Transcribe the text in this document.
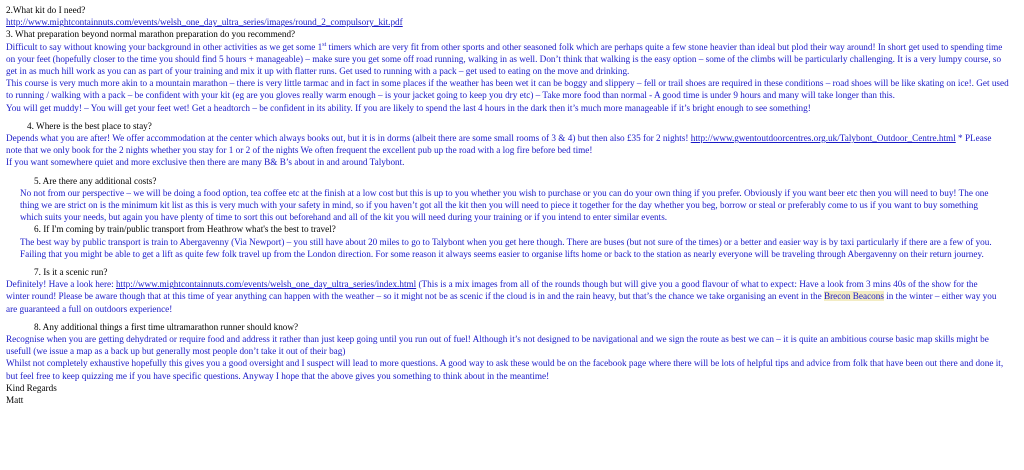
2.What kit do I need?

http://www.mightcontainnuts.com/events/welsh_one_day_ultra_series/images/round_2_compulsory_kit.pdf

3. What preparation beyond normal marathon preparation do you recommend?

Difficult to say without knowing your background in other activities as we get some 1st timers which are very fit from other sports and other seasoned folk which are perhaps quite a few stone heavier than ideal but plod their way around! In short get used to spending time

on your feet (hopefully closer to the time you should find 5 hours + manageable) – make sure you get some off road running, walking in as well. Don’t think that walking is the easy option – some of the climbs will be particularly challenging. It is a very lumpy course, so

get in as much hill work as you can as part of your training and mix it up with flatter runs. Get used to running with a pack – get used to eating on the move and drinking.

This course is very much more akin to a mountain marathon – there is very little tarmac and in fact in some places if the weather has been wet it can be boggy and slippery – fell or trail shoes are required in these conditions – road shoes will be like skating on ice!. Get used

to running / walking with a pack – be confident with your kit (eg are you gloves really warm enough – is your jacket going to keep you dry etc) – Take more food than normal - A good time is under 9 hours and many will take longer than this.

You will get muddy! – You will get your feet wet! Get a headtorch – be confident in its ability. If you are likely to spend the last 4 hours in the dark then it’s much more manageable if it’s bright enough to see something!

4. Where is the best place to stay?

Depends what you are after! We offer accommodation at the center which always books out, but it is in dorms (albeit there are some small rooms of 3 & 4) but then also £35 for 2 nights! http://www.gwentoutdoorcentres.org.uk/Talybont_Outdoor_Centre.html * PLease

note that we only book for the 2 nights whether you stay for 1 or 2 of the nights We often frequent the excellent pub up the road with a log fire before bed time!

If you want somewhere quiet and more exclusive then there are many B& B’s about in and around Talybont.

5. Are there any additional costs?

No not from our perspective – we will be doing a food option, tea coffee etc at the finish at a low cost but this is up to you whether you wish to purchase or you can do your own thing if you prefer. Obviously if you want beer etc then you will need to buy! The one

thing we are strict on is the minimum kit list as this is very much with your safety in mind, so if you haven’t got all the kit then you will need to piece it together for the day whether you beg, borrow or steal or preferably come to us if you want to buy something

which suits your needs, but again you have plenty of time to sort this out beforehand and all of the kit you will need during your training or if you intend to enter similar events.

6. If I'm coming by train/public transport from Heathrow what's the best to travel?

The best way by public transport is train to Abergavenny (Via Newport) – you still have about 20 miles to go to Talybont when you get here though. There are buses (but not sure of the times) or a better and easier way is by taxi particularly if there are a few of you.

Failing that you might be able to get a lift as quite few folk travel up from the London direction. For some reason it always seems easier to organise lifts home or back to the station as nearly everyone will be traveling through Abergavenny on their return journey.

7. Is it a scenic run?

Definitely! Have a look here: http://www.mightcontainnuts.com/events/welsh_one_day_ultra_series/index.html (This is a mix images from all of the rounds though but will give you a good flavour of what to expect: Have a look from 3 mins 40s of the show for the

winter round! Please be aware though that at this time of year anything can happen with the weather – so it might not be as scenic if the cloud is in and the rain heavy, but that’s the chance we take organising an event in the Brecon Beacons in the winter – either way you

are guaranteed a full on outdoors experience!

8. Any additional things a first time ultramarathon runner should know?

Recognise when you are getting dehydrated or require food and address it rather than just keep going until you run out of fuel! Although it’s not designed to be navigational and we sign the route as best we can – it is quite an ambitious course basic map skills might be

usefull (we issue a map as a back up but generally most people don’t take it out of their bag)

Whilst not completely exhaustive hopefully this gives you a good oversight and I suspect will lead to more questions. A good way to ask these would be on the facebook page where there will be lots of helpful tips and advice from folk that have been out there and done it,

but feel free to keep quizzing me if you have specific questions. Anyway I hope that the above gives you something to think about in the meantime!

Kind Regards

Matt
